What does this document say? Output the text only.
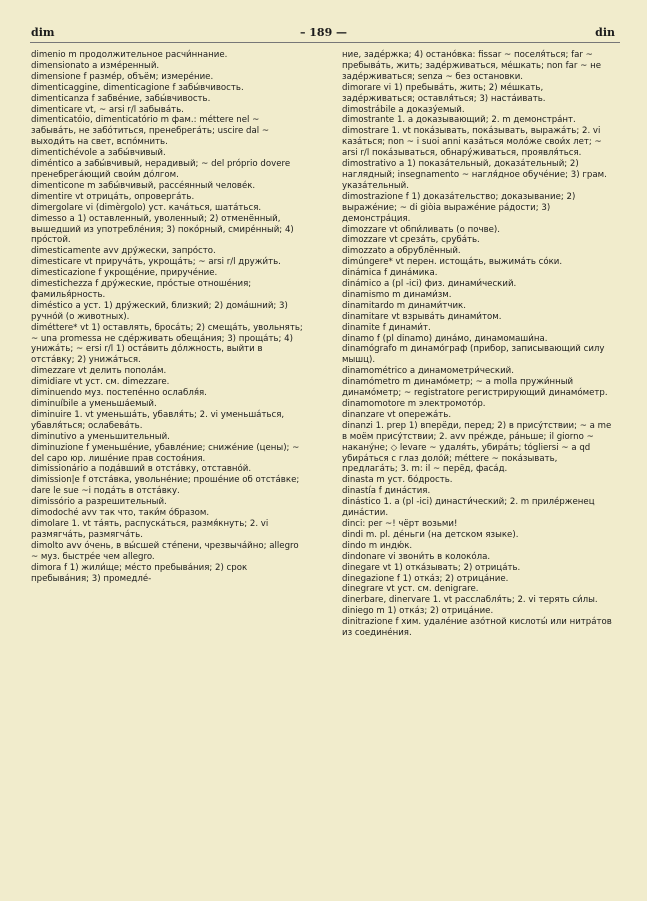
dim	– 189 —	din

dimenio m продолжительное расчи́ннание.

dimensionato a измéренный.

dimensione f размéр, объём; измерéние.

dimenticaggine, dimenticagione f забы́вчивость.

dimenticanza f забвéние, забы́вчивость.

dimenticare vt, ~ arsi r/l забывáть.

dimenticatóio, dimenticatório m фам.: méttere nel ~ забывáть, не забóтиться, пренебрегáть; uscire dal ~ выходи́ть на свет, вспóмнить.

dimentichévole a забы́вчивый.

diméntico a забы́вчивый, нерадивый; ~ del próprio dovere пренебрегáющий свои́м дóлгом.

dimenticone m забы́вчивый, рассéянный человéк.

dimentire vt отрицáть, опровергáть.

dimergolare vi (dimèrgolo) уст. качáться, шатáться.

dimesso a 1) оставленный, уволенный; 2) отменённый, вышедший из употреблéния; 3) покóрный, смирéнный; 4) прóстой.

dimesticamente avv дрýжески, запрóсто.

dimesticare vt приручáть, укрощáть; ~ arsi r/l дружи́ть.

dimesticazione f укрощéние, приручéние.

dimestichezza f дрýжеские, прóстые отношéния; фамилья́рность.

diméstico a уст. 1) дрýжеский, близкий; 2) домáшний; 3) ручнóй (о животных).

diméttere* vt 1) оставлять, бросáть; 2) смещáть, увольнять; ~ una promessa не сдéрживать обещáния; 3) прощáть; 4) унижáть; ~ ersi r/l 1) остáвить дóлжность, выйти в отстáвку; 2) унижáться.

dimezzare vt делить попола́м.

dimidiare vt уст. см. dimezzare.

diminuendo муз. постепéнно ослабля́я.

diminuíbile a уменьшáемый.

diminuire 1. vt уменьшáть, убавля́ть; 2. vi уменьшáться, убавля́ться; ослабевáть.

diminutivo a уменьшительный.

diminuzione f уменьшéние, убавлéние; снижéние (цены); ~ del capo юр. лишéние прав состоя́ния.

dimissionário a подáвший в отстáвку, отставнóй.

dimission|e f отстáвка, увольнéние; прошéние об отстáвке; dare le sue ~i подáть в отстáвку.

dimissório a разрешительный.

dimodoché avv так что, таки́м óбразом.

dimolare 1. vt тáять, распускáться, размя́кнуть; 2. vi размягчáть, размягчáть.

dimolto avv óчень, в вы́сшей стéпени, чрезвычáйно; allegro ~ муз. быстрéе чем allegro.

dimora f 1) жили́ще; мéсто пребывáния; 2) срок пребывáния; 3) промедлé-

ние, задéржка; 4) останóвка: fissar ~ поселя́ться; far ~ пребывáть, жить; задéрживаться, мéшкать; non far ~ не задéрживаться; senza ~ без остановки.

dimorare vi 1) пребывáть, жить; 2) мéшкать, задéрживаться; оставля́ться; 3) настáивать.

dimostrábile a доказу́емый.

dimostrante 1. a доказывающий; 2. m демонстрáнт.

dimostrare 1. vt покáзывать, покáзывать, выражáть; 2. vi казáться; non ~ i suoi anni казáться молóже свои́х лет; ~ arsi r/l покáзываться, обнару́живаться, проявля́ться.

dimostrativo a 1) показáтельный, доказáтельный; 2) наглядный; insegnamento ~ нагля́дное обучéние; 3) грам. указáтельный.

dimostrazione f 1) доказáтельство; доказывание; 2) выражéние; ~ di giòia выражéние рáдости; 3) демонстрáция.

dimozzare vt обпи́ливать (о почве).

dimozzare vt срезáть, срубáть.

dimozzato a обрублённый.

dimúngere* vt перен. истощáть, выжимáть сóки.

dinámica f динáмика.

dinámico a (pl -ici) физ. динами́ческий.

dinamismo m динами́зм.

dinamitardo m динами́тчик.

dinamitare vt взрывáть динами́том.

dinamite f динами́т.

dinamo f (pl dinamo) дина́мо, динамомаши́на.

dinamógrafo m динамóграф (прибор, записывающий силу мышц).

dinamométrico a динамометри́ческий.

dinamómetro m динамóметр; ~ a molla пружи́нный динамóметр; ~ registratore регистрирующий динамóметр.

dinamomotore m электромотóр.

dinanzare vt опережáть.

dinanzi 1. prep 1) вперёди, перед; 2) в присýтствии; ~ a me в моём присýтствии; 2. avv прéжде, рáньше; il giorno ~ накану́не; ◇ levare ~ удаля́ть, убирáть; tógliersi ~ a qd убирáться с глаз долóй; méttere ~ покáзывать, предлагáть; 3. m: il ~ перёд, фасáд.

dinasta m уст. бóдрость.

dinastía f динáстия.

dinástico 1. a (pl -ici) династи́ческий; 2. m прилéрженец динáстии.

dinci: per ~! чёрт возьми!

dindi m. pl. дéньги (на детском языке).

dindo m индю́к.

dindonare vi звони́ть в колокóла.

dinegare vt 1) отка́зывать; 2) отрицáть.

dinegazione f 1) откáз; 2) отрицáние.

dinegrare vt уст. см. denigrare.

dinerbare, dinervare 1. vt расслабля́ть; 2. vi терять си́лы.

diniego m 1) откáз; 2) отрицáние.

dinitrazione f хим. удалéние азóтной кислоты́ или нитрáтов из соединéния.
